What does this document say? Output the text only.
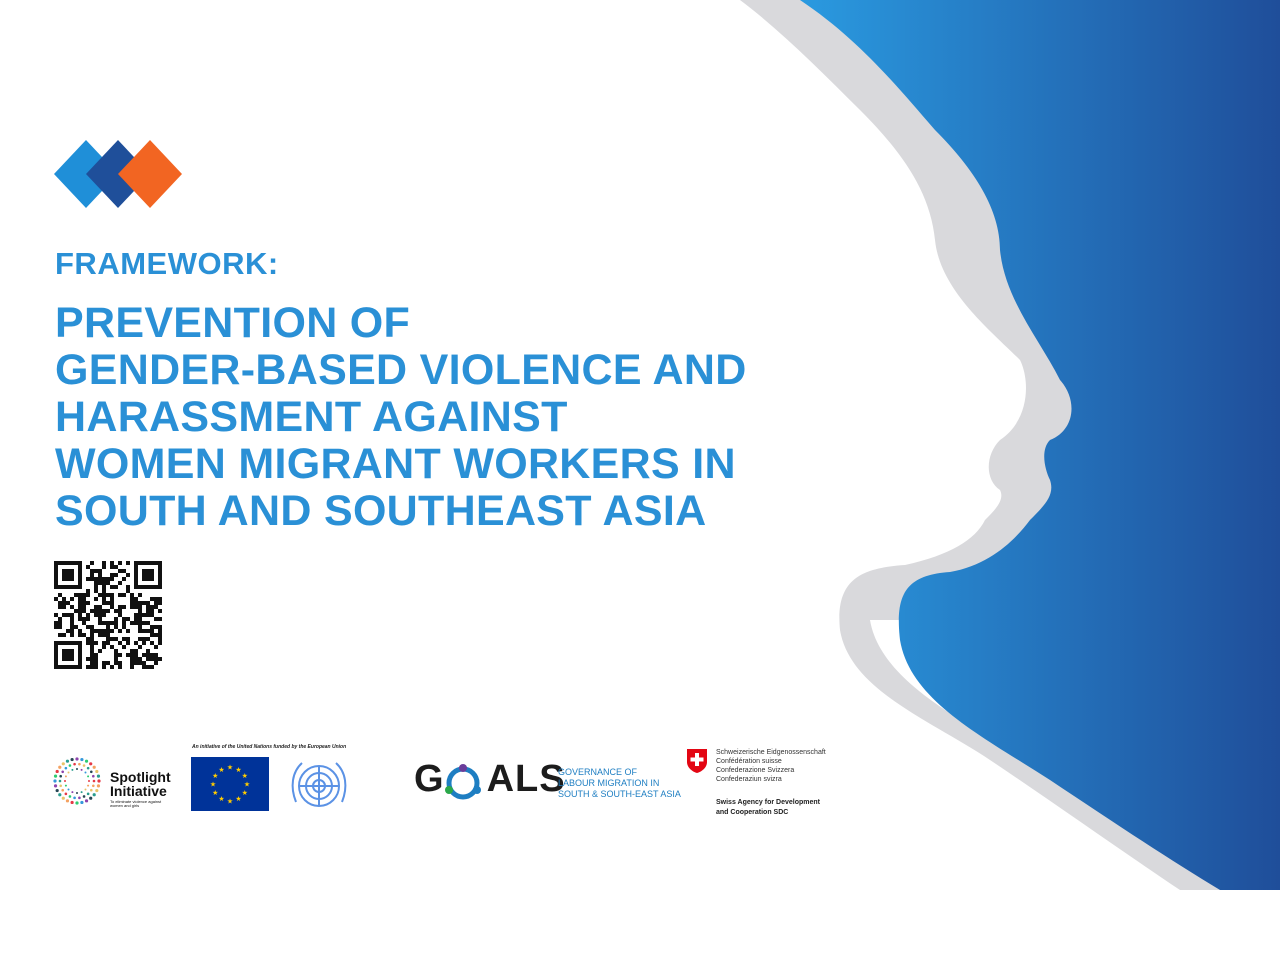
FRAMEWORK:
PREVENTION OF
GENDER-BASED VIOLENCE AND
HARASSMENT AGAINST
WOMEN MIGRANT WORKERS IN
SOUTH AND SOUTHEAST ASIA
Spotlight
Initiative
To eliminate violence against women and girls
An initiative of the United Nations funded by the European Union
★ ★
★
★
★
★
★
★
★
★
★
★	G ALS
GOVERNANCE OF
LABOUR MIGRATION IN
SOUTH & SOUTH-EAST ASIA
Schweizerische Eidgenossenschaft
Confédération suisse
Confederazione Svizzera
Confederaziun svizra
Swiss Agency for Development
and Cooperation SDC
